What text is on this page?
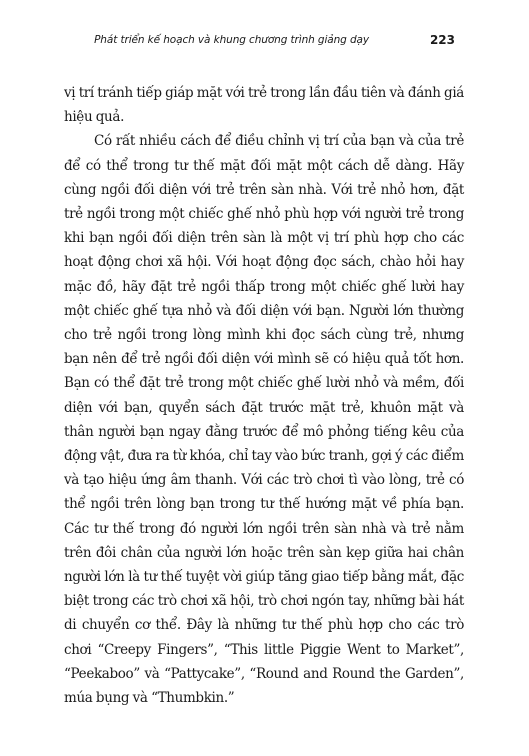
Phát triển kế hoạch và khung chương trình giảng dạy	223

vị trí tránh tiếp giáp mặt với trẻ trong lần đầu tiên và đánh giá hiệu quả.

Có rất nhiều cách để điều chỉnh vị trí của bạn và của trẻ để có thể trong tư thế mặt đối mặt một cách dễ dàng. Hãy cùng ngồi đối diện với trẻ trên sàn nhà. Với trẻ nhỏ hơn, đặt trẻ ngồi trong một chiếc ghế nhỏ phù hợp với người trẻ trong khi bạn ngồi đối diện trên sàn là một vị trí phù hợp cho các hoạt động chơi xã hội. Với hoạt động đọc sách, chào hỏi hay mặc đồ, hãy đặt trẻ ngồi thấp trong một chiếc ghế lười hay một chiếc ghế tựa nhỏ và đối diện với bạn. Người lớn thường cho trẻ ngồi trong lòng mình khi đọc sách cùng trẻ, nhưng bạn nên để trẻ ngồi đối diện với mình sẽ có hiệu quả tốt hơn. Bạn có thể đặt trẻ trong một chiếc ghế lười nhỏ và mềm, đối diện với bạn, quyển sách đặt trước mặt trẻ, khuôn mặt và thân người bạn ngay đằng trước để mô phỏng tiếng kêu của động vật, đưa ra từ khóa, chỉ tay vào bức tranh, gợi ý các điểm và tạo hiệu ứng âm thanh. Với các trò chơi tì vào lòng, trẻ có thể ngồi trên lòng bạn trong tư thế hướng mặt về phía bạn. Các tư thế trong đó người lớn ngồi trên sàn nhà và trẻ nằm trên đôi chân của người lớn hoặc trên sàn kẹp giữa hai chân người lớn là tư thế tuyệt vời giúp tăng giao tiếp bằng mắt, đặc biệt trong các trò chơi xã hội, trò chơi ngón tay, những bài hát di chuyển cơ thể. Đây là những tư thế phù hợp cho các trò chơi “Creepy Fingers”, “This little Piggie Went to Market”, “Peekaboo” và “Pattycake”, “Round and Round the Garden”, múa bụng và “Thumbkin.”
